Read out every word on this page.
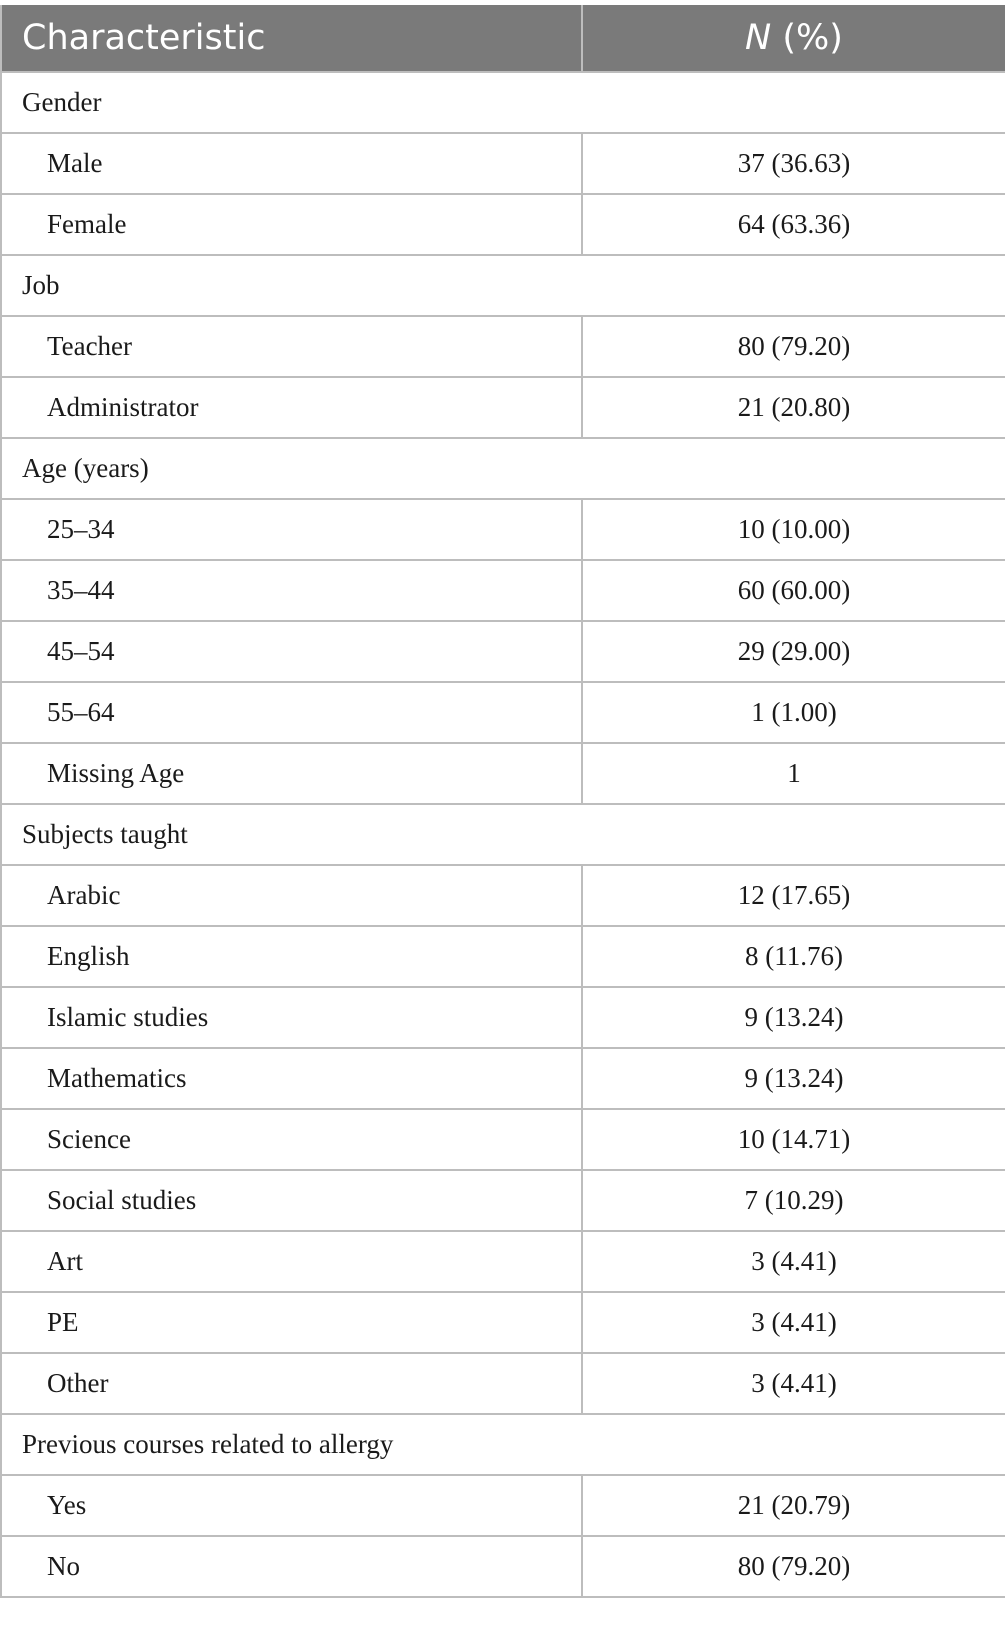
Characteristic	N (%)
Gender	
Male	37 (36.63)
Female	64 (63.36)
Job	
Teacher	80 (79.20)
Administrator	21 (20.80)
Age (years)	
25–34	10 (10.00)
35–44	60 (60.00)
45–54	29 (29.00)
55–64	1 (1.00)
Missing Age	1
Subjects taught	
Arabic	12 (17.65)
English	8 (11.76)
Islamic studies	9 (13.24)
Mathematics	9 (13.24)
Science	10 (14.71)
Social studies	7 (10.29)
Art	3 (4.41)
PE	3 (4.41)
Other	3 (4.41)
Previous courses related to allergy	
Yes	21 (20.79)
No	80 (79.20)
